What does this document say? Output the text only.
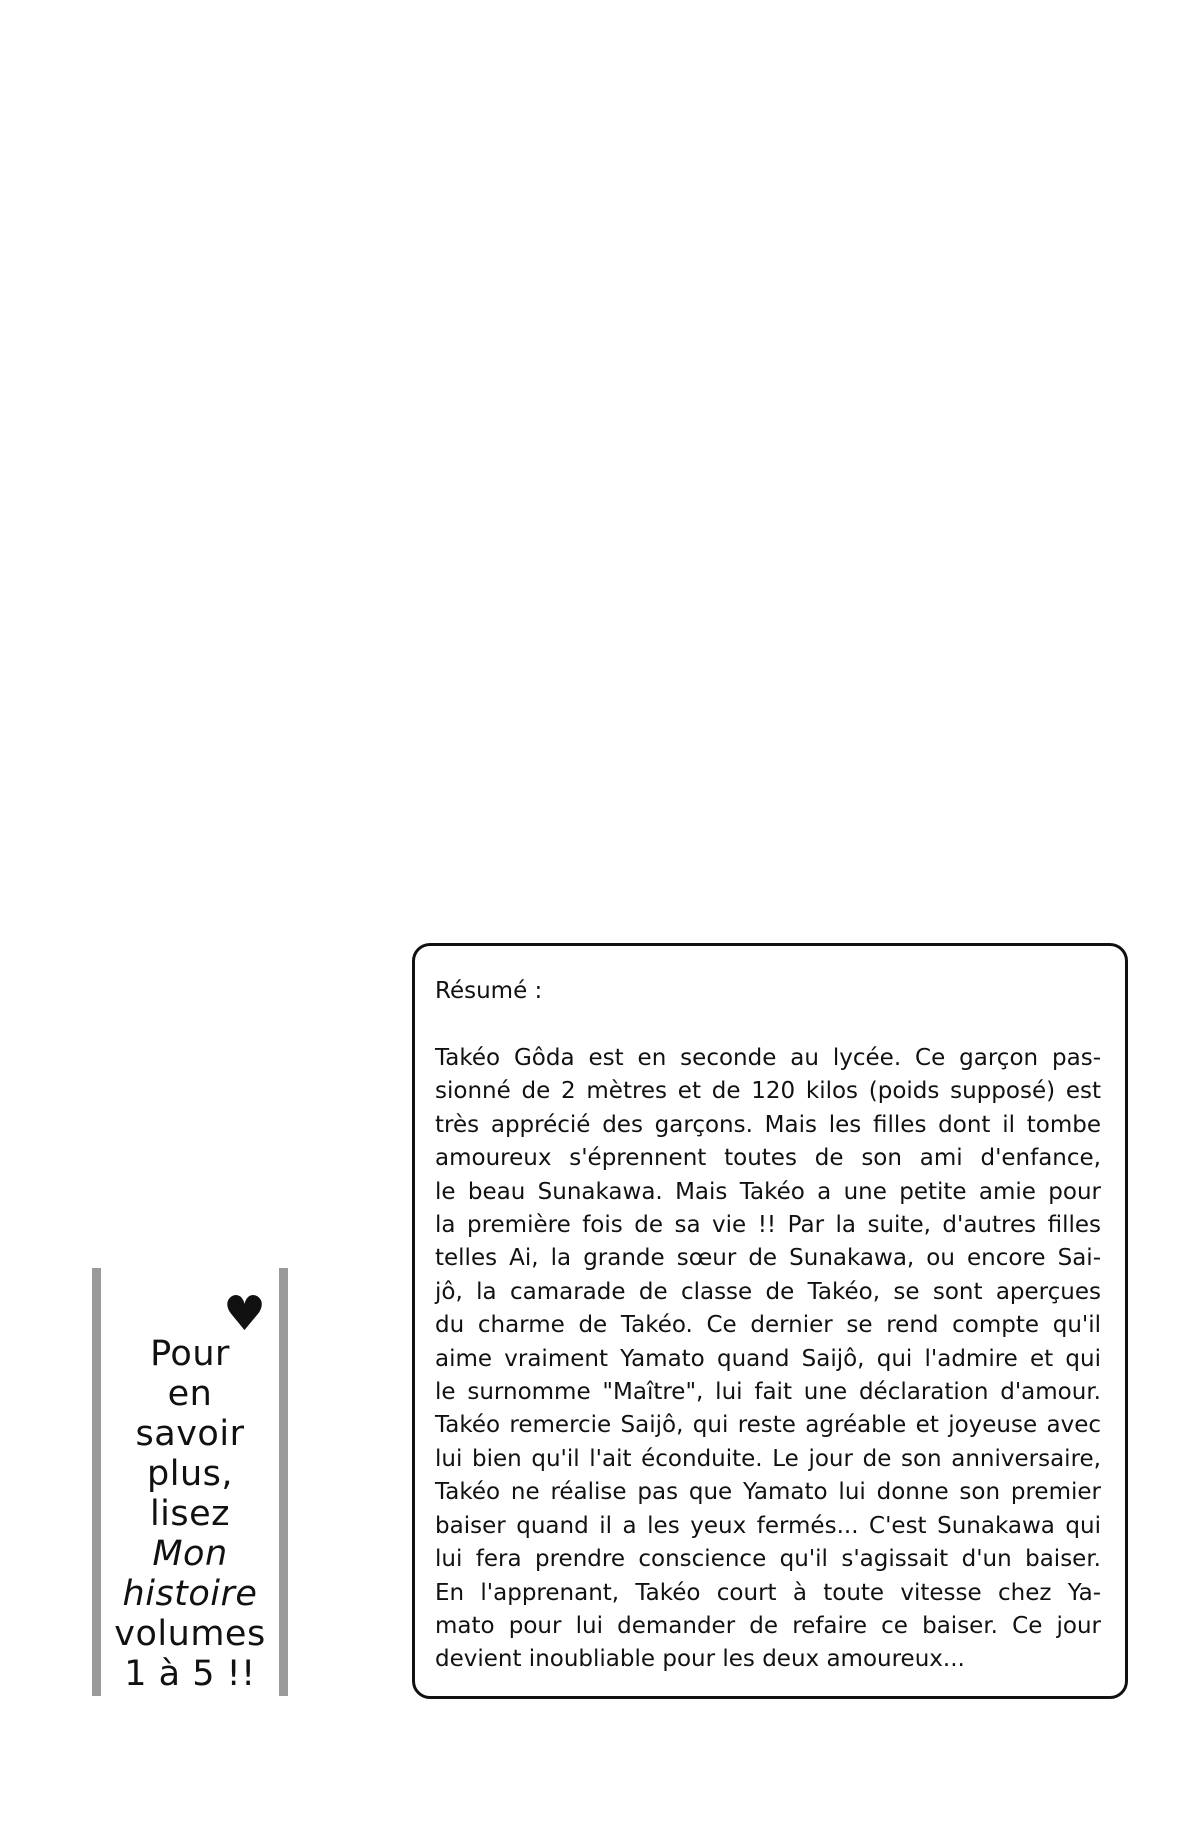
♥
Pour
en
savoir
plus,
lisez
Mon
histoire
volumes
1 à 5 !!
Résumé :
Takéo Gôda est en seconde au lycée. Ce garçon pas-
sionné de 2 mètres et de 120 kilos (poids supposé) est
très apprécié des garçons. Mais les filles dont il tombe
amoureux s'éprennent toutes de son ami d'enfance,
le beau Sunakawa. Mais Takéo a une petite amie pour
la première fois de sa vie !! Par la suite, d'autres filles
telles Ai, la grande sœur de Sunakawa, ou encore Sai-
jô, la camarade de classe de Takéo, se sont aperçues
du charme de Takéo. Ce dernier se rend compte qu'il
aime vraiment Yamato quand Saijô, qui l'admire et qui
le surnomme "Maître", lui fait une déclaration d'amour.
Takéo remercie Saijô, qui reste agréable et joyeuse avec
lui bien qu'il l'ait éconduite. Le jour de son anniversaire,
Takéo ne réalise pas que Yamato lui donne son premier
baiser quand il a les yeux fermés... C'est Sunakawa qui
lui fera prendre conscience qu'il s'agissait d'un baiser.
En l'apprenant, Takéo court à toute vitesse chez Ya-
mato pour lui demander de refaire ce baiser. Ce jour
devient inoubliable pour les deux amoureux...
